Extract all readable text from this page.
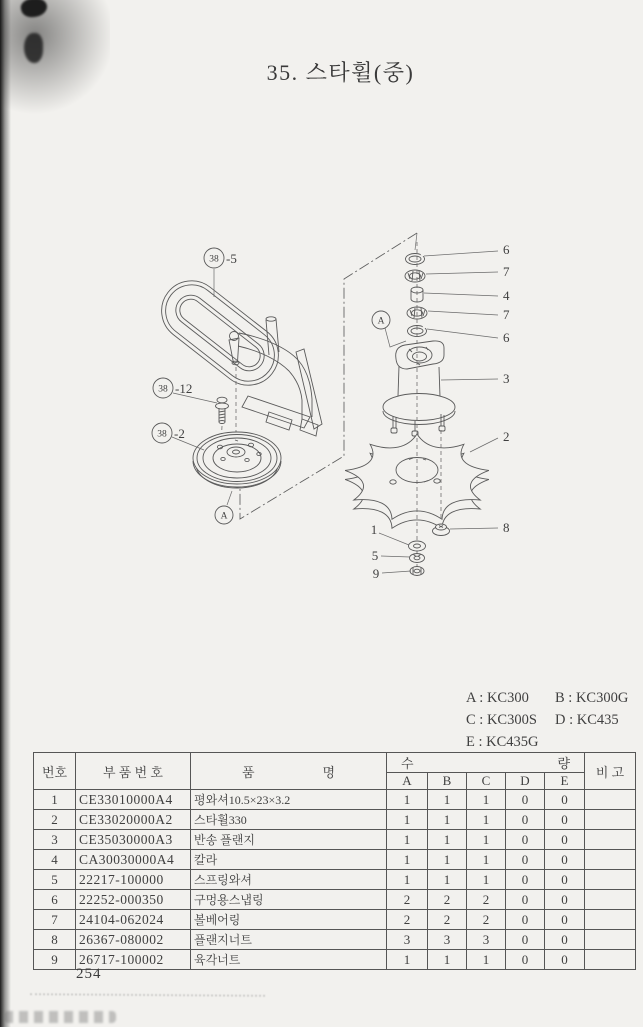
35. 스타휠(중)
38 -5
38 -12
38 -2
A
A
6
7
4
7
6
3
2
8
1
5
9
A : KC300	B : KC300G
C : KC300S	D : KC435
E : KC435G
번호	부 품 번 호	품 명	수 량					비 고
			A	B	C	D	E	
1	CE33010000A4	평와셔10.5×23×3.2	1	1	1	0	0	
2	CE33020000A2	스타휠330	1	1	1	0	0	
3	CE35030000A3	반송 플랜지	1	1	1	0	0	
4	CA30030000A4	칼라	1	1	1	0	0	
5	22217-100000	스프링와셔	1	1	1	0	0	
6	22252-000350	구멍용스냅링	2	2	2	0	0	
7	24104-062024	볼베어링	2	2	2	0	0	
8	26367-080002	플랜지너트	3	3	3	0	0	
9	26717-100002	육각너트	1	1	1	0	0	
254
